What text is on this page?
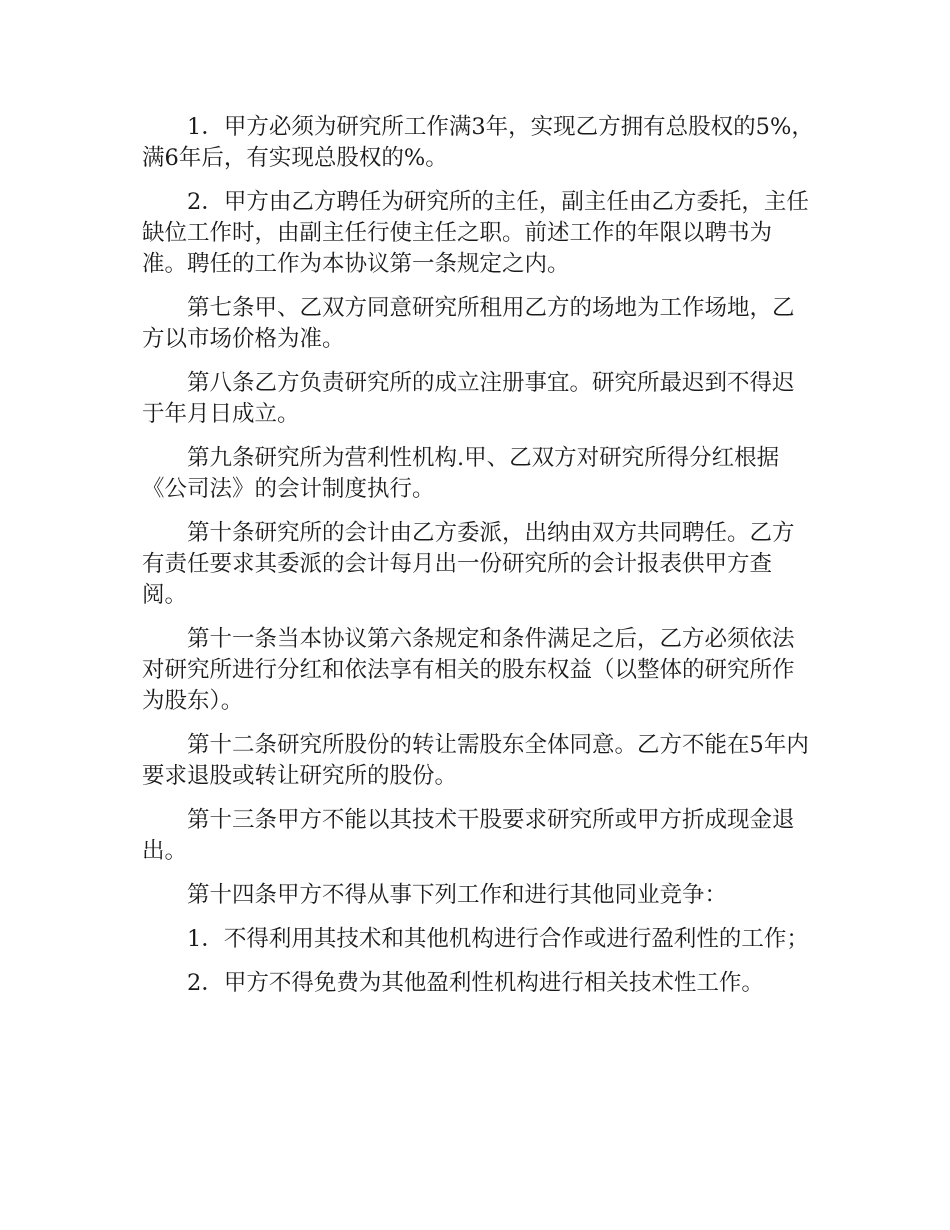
1．甲方必须为研究所工作满3年，实现乙方拥有总股权的5%，满6年后，有实现总股权的%。

2．甲方由乙方聘任为研究所的主任，副主任由乙方委托，主任缺位工作时，由副主任行使主任之职。前述工作的年限以聘书为准。聘任的工作为本协议第一条规定之内。

第七条甲、乙双方同意研究所租用乙方的场地为工作场地，乙方以市场价格为准。

第八条乙方负责研究所的成立注册事宜。研究所最迟到不得迟于年月日成立。

第九条研究所为营利性机构.甲、乙双方对研究所得分红根据《公司法》的会计制度执行。

第十条研究所的会计由乙方委派，出纳由双方共同聘任。乙方有责任要求其委派的会计每月出一份研究所的会计报表供甲方查阅。

第十一条当本协议第六条规定和条件满足之后，乙方必须依法对研究所进行分红和依法享有相关的股东权益（以整体的研究所作为股东）。

第十二条研究所股份的转让需股东全体同意。乙方不能在5年内要求退股或转让研究所的股份。

第十三条甲方不能以其技术干股要求研究所或甲方折成现金退出。

第十四条甲方不得从事下列工作和进行其他同业竞争：

1．不得利用其技术和其他机构进行合作或进行盈利性的工作；

2．甲方不得免费为其他盈利性机构进行相关技术性工作。
